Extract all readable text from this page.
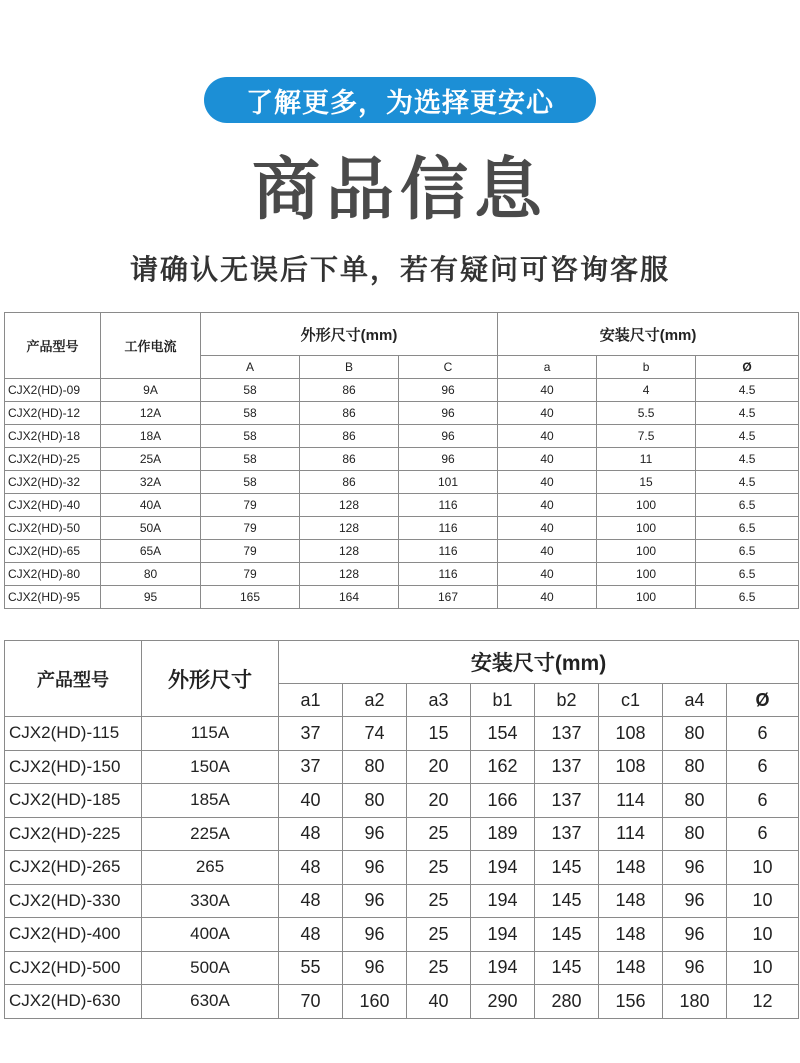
了解更多，为选择更安心
商品信息
请确认无误后下单，若有疑问可咨询客服
产品型号	工作电流	外形尺寸(mm)			安装尺寸(mm)		
		A	B	C	a	b	Ø
CJX2(HD)-09	9A	58	86	96	40	4	4.5
CJX2(HD)-12	12A	58	86	96	40	5.5	4.5
CJX2(HD)-18	18A	58	86	96	40	7.5	4.5
CJX2(HD)-25	25A	58	86	96	40	11	4.5
CJX2(HD)-32	32A	58	86	101	40	15	4.5
CJX2(HD)-40	40A	79	128	116	40	100	6.5
CJX2(HD)-50	50A	79	128	116	40	100	6.5
CJX2(HD)-65	65A	79	128	116	40	100	6.5
CJX2(HD)-80	80	79	128	116	40	100	6.5
CJX2(HD)-95	95	165	164	167	40	100	6.5
产品型号	外形尺寸	安装尺寸(mm)							
		a1	a2	a3	b1	b2	c1	a4	Ø
CJX2(HD)-115	115A	37	74	15	154	137	108	80	6
CJX2(HD)-150	150A	37	80	20	162	137	108	80	6
CJX2(HD)-185	185A	40	80	20	166	137	114	80	6
CJX2(HD)-225	225A	48	96	25	189	137	114	80	6
CJX2(HD)-265	265	48	96	25	194	145	148	96	10
CJX2(HD)-330	330A	48	96	25	194	145	148	96	10
CJX2(HD)-400	400A	48	96	25	194	145	148	96	10
CJX2(HD)-500	500A	55	96	25	194	145	148	96	10
CJX2(HD)-630	630A	70	160	40	290	280	156	180	12
